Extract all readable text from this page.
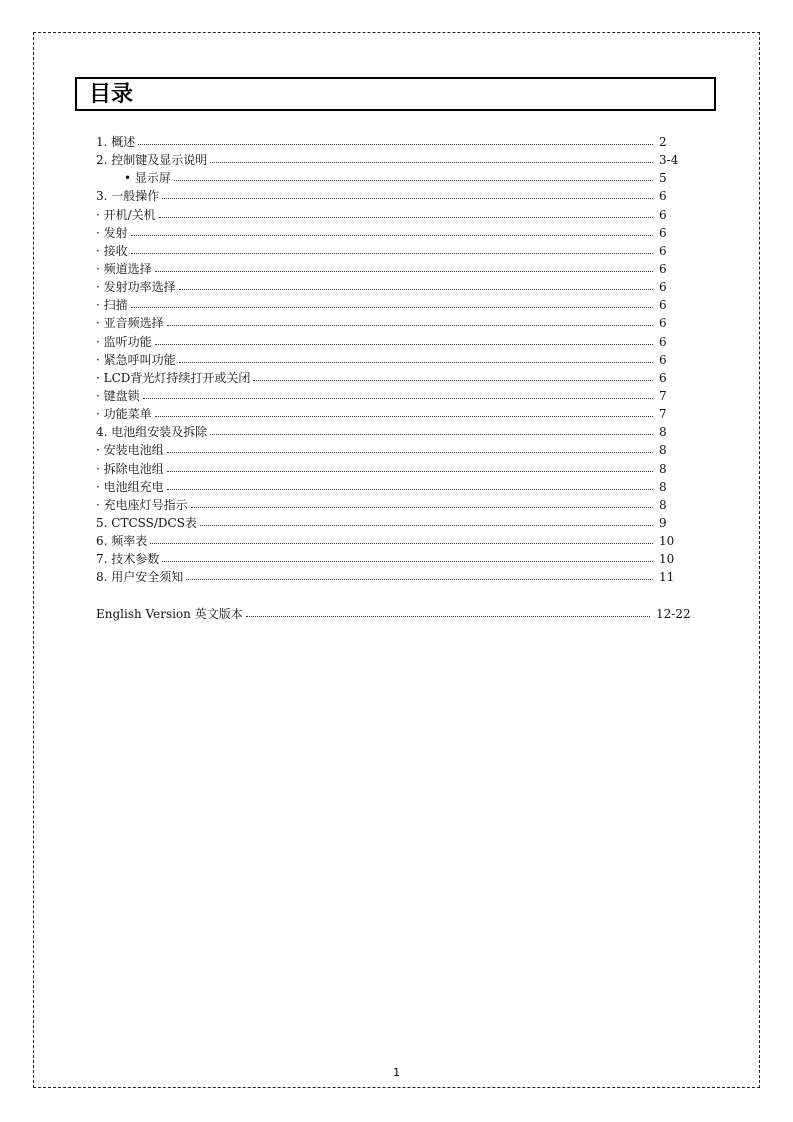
目录
1. 概述	2
2. 控制键及显示说明	3-4
• 显示屏	5
3. 一般操作	6
· 开机/关机	6
· 发射	6
· 接收	6
· 频道选择	6
· 发射功率选择	6
· 扫描	6
· 亚音频选择	6
· 监听功能	6
· 紧急呼叫功能	6
· LCD背光灯持续打开或关闭	6
· 键盘锁	7
· 功能菜单	7
4. 电池组安装及拆除	8
· 安装电池组	8
· 拆除电池组	8
· 电池组充电	8
· 充电座灯号指示	8
5. CTCSS/DCS表	9
6. 频率表	10
7. 技术参数	10
8. 用户安全须知	11
English Version 英文版本	12-22
1
